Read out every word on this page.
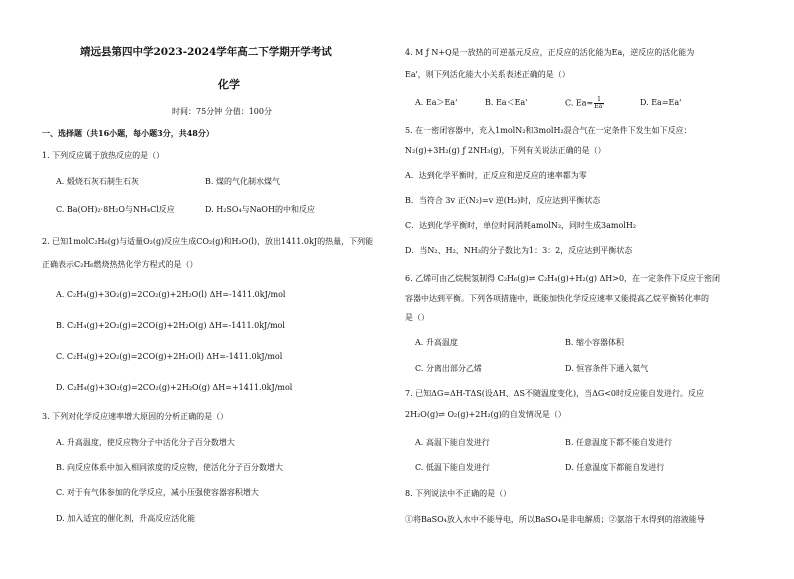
靖远县第四中学2023-2024学年高二下学期开学考试
化学
时间：75分钟 分值：100分
一、选择题（共16小题，每小题3分，共48分）
1. 下列反应属于放热反应的是（）
A. 煅烧石灰石制生石灰	B. 煤的气化制水煤气
C. Ba(OH)₂·8H₂O与NH₄Cl反应	D. H₂SO₄与NaOH的中和反应
2. 已知1molC₂H₆(g)与适量O₂(g)反应生成CO₂(g)和H₂O(l)，放出1411.0kJ的热量，下列能
正确表示C₂H₆燃烧热热化学方程式的是（）
A. C₂H₄(g)+3O₂(g)=2CO₂(g)+2H₂O(l) ΔH=-1411.0kJ/mol
B. C₂H₄(g)+2O₂(g)=2CO(g)+2H₂O(g) ΔH=-1411.0kJ/mol
C. C₂H₄(g)+2O₂(g)=2CO(g)+2H₂O(l) ΔH=-1411.0kJ/mol
D. C₂H₄(g)+3O₂(g)=2CO₂(g)+2H₂O(g) ΔH=+1411.0kJ/mol
3. 下列对化学反应速率增大原因的分析正确的是（）
A. 升高温度，使反应物分子中活化分子百分数增大
B. 向反应体系中加入相同浓度的反应物，使活化分子百分数增大
C. 对于有气体参加的化学反应，减小压强使容器容积增大
D. 加入适宜的催化剂，升高反应活化能
4. M ƒ N+Q是一放热的可逆基元反应，正反应的活化能为Ea，逆反应的活化能为
Ea'，则下列活化能大小关系表述正确的是（）
A. Ea＞Ea'	B. Ea＜Ea'	C. $Ea= \frac{1}{Ea'}$	D. Ea=Ea'
5. 在一密闭容器中，充入1molN₂和3molH₂混合气在一定条件下发生如下反应：
N₂(g)+3H₂(g) ƒ 2NH₃(g)，下列有关说法正确的是（）
A．达到化学平衡时，正反应和逆反应的速率都为零
B．当符合 3v 正(N₂)=v 逆(H₂)时，反应达到平衡状态
C．达到化学平衡时，单位时间消耗amolN₂，同时生成3amolH₂
D．当N₂、H₂、NH₃的分子数比为1：3：2，反应达到平衡状态
6. 乙烯可由乙烷脱氢制得 C₂H₆(g)⇌ C₂H₄(g)+H₂(g) ΔH>0，在一定条件下反应于密闭
容器中达到平衡。下列各项措施中，既能加快化学反应速率又能提高乙烷平衡转化率的
是（）
A. 升高温度	B. 缩小容器体积
C. 分离出部分乙烯	D. 恒容条件下通入氦气
7. 已知ΔG=ΔH-TΔS(设ΔH、ΔS不随温度变化)，当ΔG<0时反应能自发进行。反应
2H₂O(g)⇌ O₂(g)+2H₂(g)的自发情况是（）
A. 高温下能自发进行	B. 任意温度下都不能自发进行
C. 低温下能自发进行	D. 任意温度下都能自发进行
8. 下列说法中不正确的是（）
①将BaSO₄放入水中不能导电，所以BaSO₄是非电解质；②氨溶于水得到的溶液能导
